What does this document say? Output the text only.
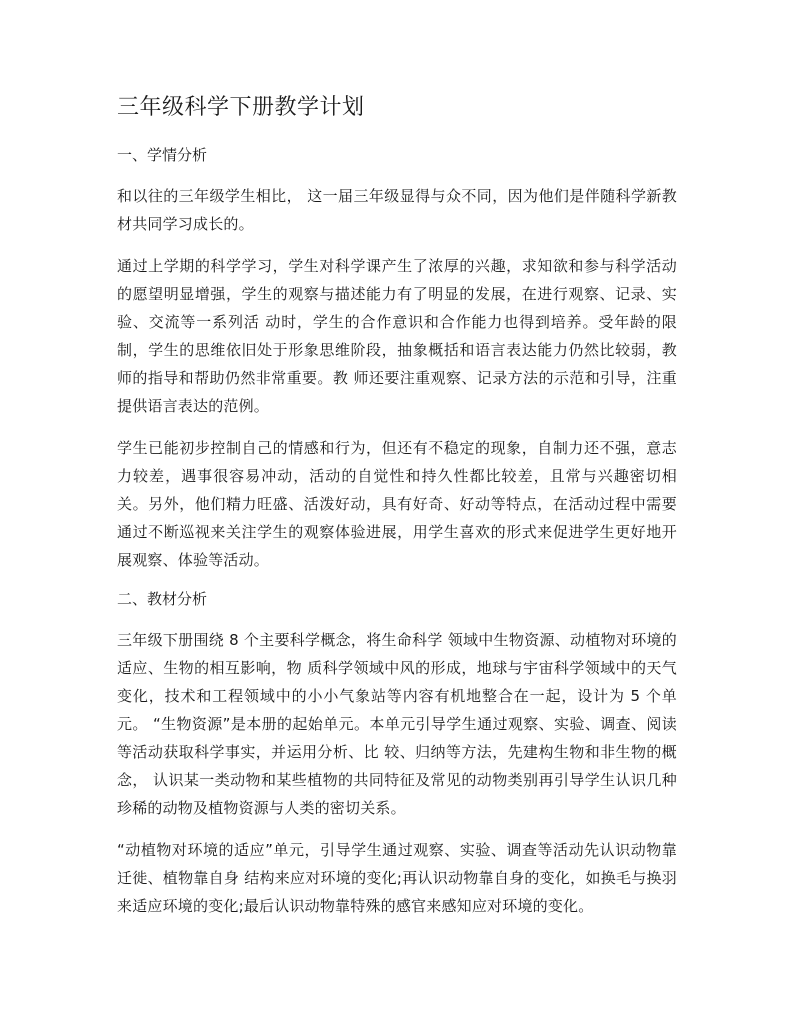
三年级科学下册教学计划
一、学情分析

和以往的三年级学生相比， 这一届三年级显得与众不同，因为他们是伴随科学新教材共同学习成长的。

通过上学期的科学学习，学生对科学课产生了浓厚的兴趣，求知欲和参与科学活动的愿望明显增强，学生的观察与描述能力有了明显的发展，在进行观察、记录、实验、交流等一系列活 动时，学生的合作意识和合作能力也得到培养。受年龄的限制，学生的思维依旧处于形象思维阶段，抽象概括和语言表达能力仍然比较弱，教师的指导和帮助仍然非常重要。教 师还要注重观察、记录方法的示范和引导，注重提供语言表达的范例。

学生已能初步控制自己的情感和行为，但还有不稳定的现象，自制力还不强，意志力较差，遇事很容易冲动，活动的自觉性和持久性都比较差，且常与兴趣密切相关。另外，他们精力旺盛、活泼好动，具有好奇、好动等特点，在活动过程中需要通过不断巡视来关注学生的观察体验进展，用学生喜欢的形式来促进学生更好地开展观察、体验等活动。

二、教材分析

三年级下册围绕 8 个主要科学概念，将生命科学 领域中生物资源、动植物对环境的适应、生物的相互影响，物 质科学领域中风的形成，地球与宇宙科学领域中的天气变化，技术和工程领域中的小小气象站等内容有机地整合在一起，设计为 5 个单元。 “生物资源”是本册的起始单元。本单元引导学生通过观察、实验、调查、阅读等活动获取科学事实，并运用分析、比 较、归纳等方法，先建构生物和非生物的概念， 认识某一类动物和某些植物的共同特征及常见的动物类别再引导学生认识几种珍稀的动物及植物资源与人类的密切关系。

“动植物对环境的适应”单元，引导学生通过观察、实验、调查等活动先认识动物靠迁徙、植物靠自身 结构来应对环境的变化;再认识动物靠自身的变化，如换毛与换羽来适应环境的变化;最后认识动物靠特殊的感官来感知应对环境的变化。
